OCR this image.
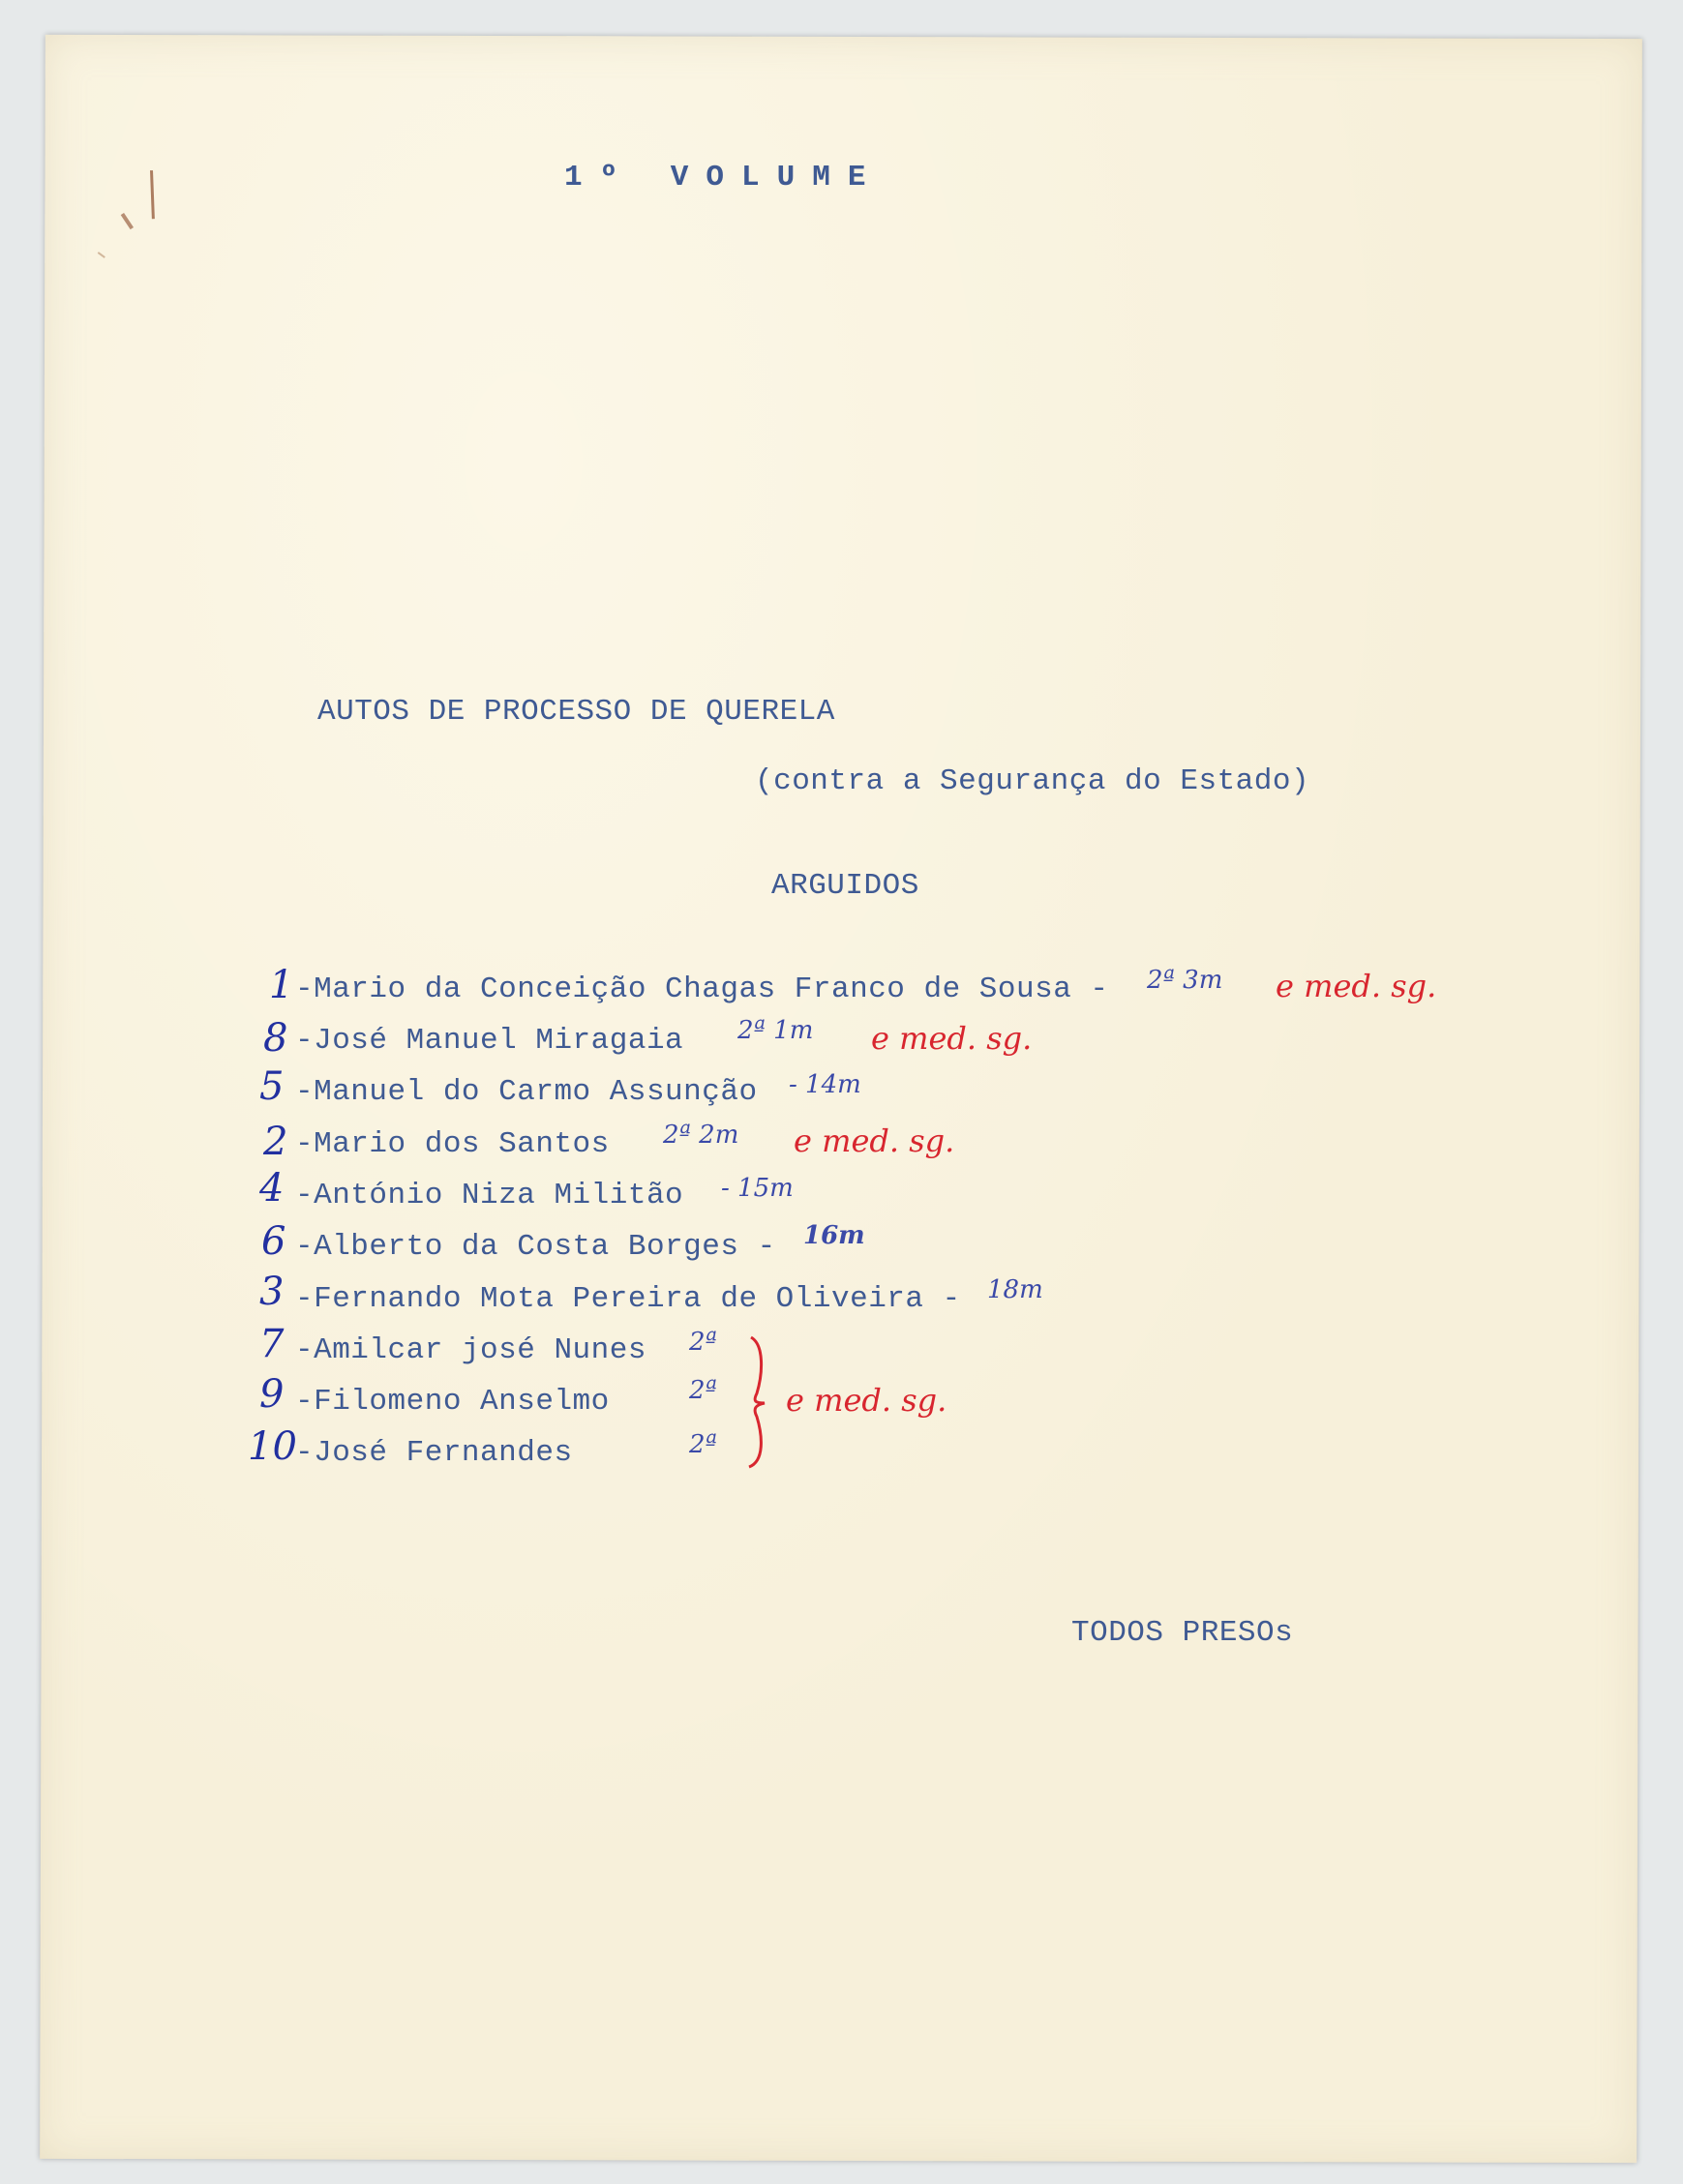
1º VOLUME
AUTOS DE PROCESSO DE QUERELA
(contra a Segurança do Estado)
ARGUIDOS
1 -Mario da Conceição Chagas Franco de Sousa - 2ª 3m e med. sg.
8 -José Manuel Miragaia 2ª 1m e med. sg.
5 -Manuel do Carmo Assunção - 14m
2 -Mario dos Santos 2ª 2m e med. sg.
4 -António Niza Militão - 15m
6 -Alberto da Costa Borges - 16m
3 -Fernando Mota Pereira de Oliveira - 18m
7 -Amilcar josé Nunes 2ª
9 -Filomeno Anselmo	2ª
10
-José Fernandes	2ª
e med. sg.
TODOS PRESOs
